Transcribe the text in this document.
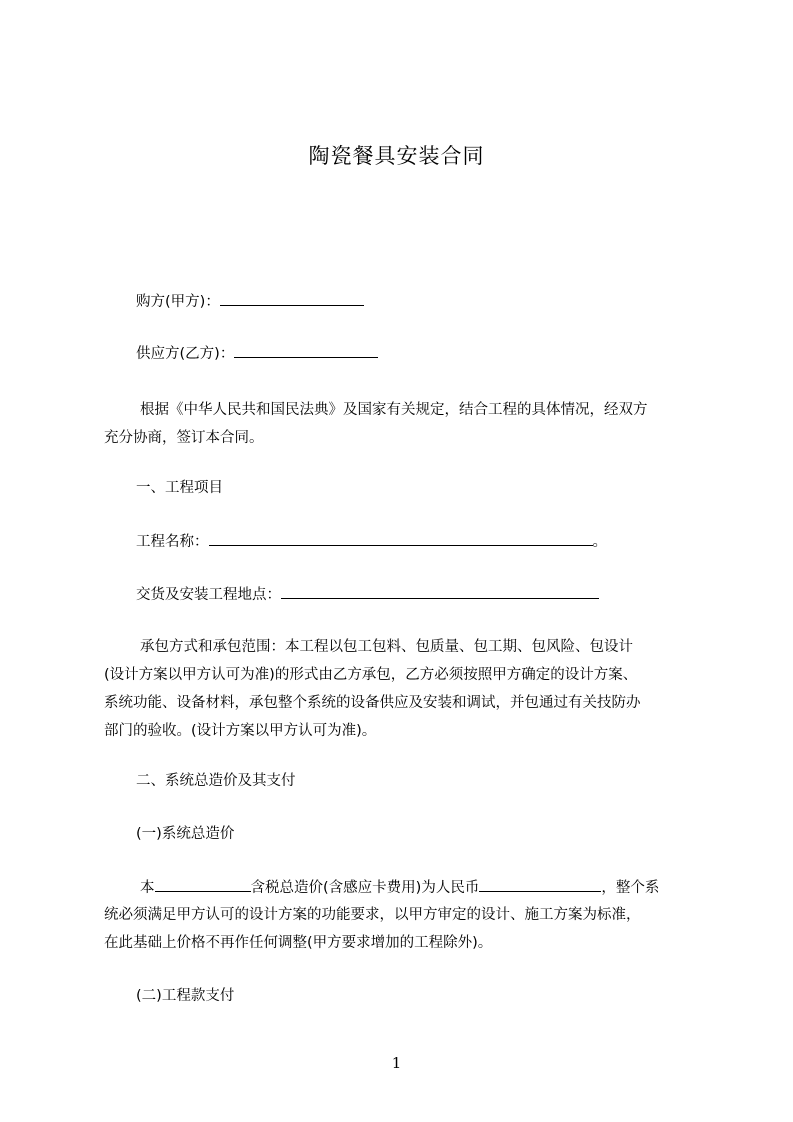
陶瓷餐具安装合同
购方(甲方)：
供应方(乙方)：
根据《中华人民共和国民法典》及国家有关规定，结合工程的具体情况，经双方
充分协商，签订本合同。
一、工程项目
工程名称：	。
交货及安装工程地点：
承包方式和承包范围：本工程以包工包料、包质量、包工期、包风险、包设计
(设计方案以甲方认可为准)的形式由乙方承包，乙方必须按照甲方确定的设计方案、
系统功能、设备材料，承包整个系统的设备供应及安装和调试，并包通过有关技防办
部门的验收。(设计方案以甲方认可为准)。
二、系统总造价及其支付
(一)系统总造价
本	含税总造价(含感应卡费用)为人民币	，整个系
统必须满足甲方认可的设计方案的功能要求，以甲方审定的设计、施工方案为标准，
在此基础上价格不再作任何调整(甲方要求增加的工程除外)。
(二)工程款支付
1
